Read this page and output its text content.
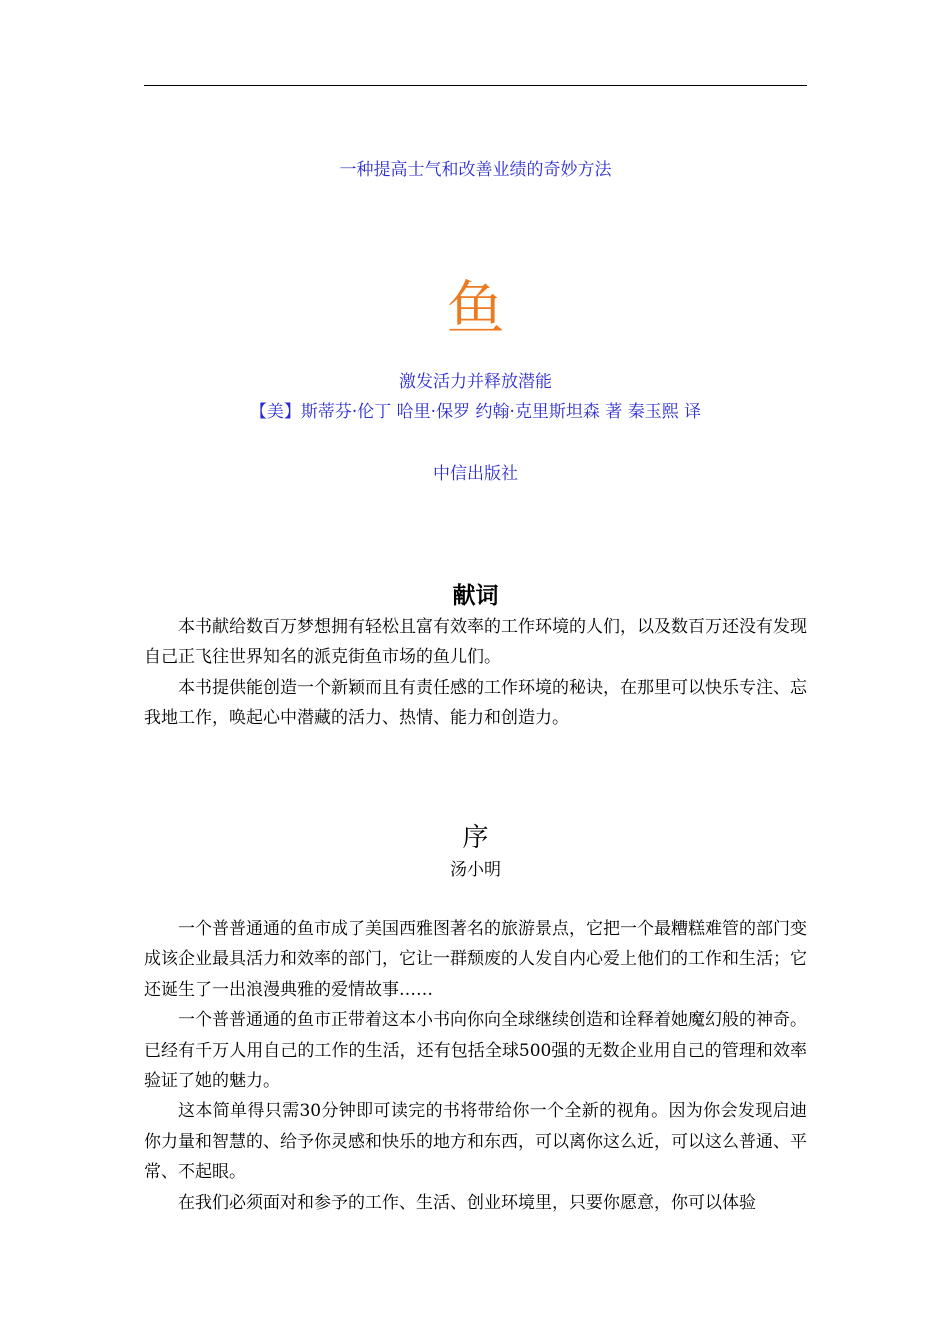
一种提高士气和改善业绩的奇妙方法
鱼
激发活力并释放潜能
【美】斯蒂芬·伦丁 哈里·保罗 约翰·克里斯坦森 著 秦玉熙 译
中信出版社
献词

本书献给数百万梦想拥有轻松且富有效率的工作环境的人们，以及数百万还没有发现自己正飞往世界知名的派克街鱼市场的鱼儿们。

本书提供能创造一个新颖而且有责任感的工作环境的秘诀，在那里可以快乐专注、忘我地工作，唤起心中潜藏的活力、热情、能力和创造力。

序
汤小明

一个普普通通的鱼市成了美国西雅图著名的旅游景点，它把一个最糟糕难管的部门变成该企业最具活力和效率的部门，它让一群颓废的人发自内心爱上他们的工作和生活；它还诞生了一出浪漫典雅的爱情故事……

一个普普通通的鱼市正带着这本小书向你向全球继续创造和诠释着她魔幻般的神奇。已经有千万人用自己的工作的生活，还有包括全球500强的无数企业用自己的管理和效率验证了她的魅力。

这本简单得只需30分钟即可读完的书将带给你一个全新的视角。因为你会发现启迪你力量和智慧的、给予你灵感和快乐的地方和东西，可以离你这么近，可以这么普通、平常、不起眼。

在我们必须面对和参予的工作、生活、创业环境里，只要你愿意，你可以体验
